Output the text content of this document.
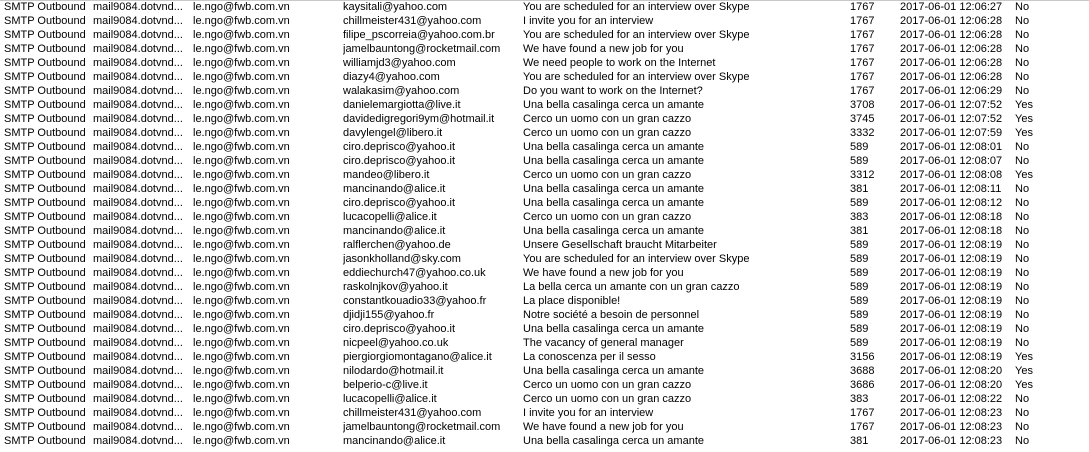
SMTP Outbound mail9084.dotvnd... le.ngo@fwb.com.vn	kaysitali@yahoo.com	You are scheduled for an interview over Skype	1767	2017-06-01 12:06:27	No
SMTP Outbound mail9084.dotvnd... le.ngo@fwb.com.vn	chillmeister431@yahoo.com	I invite you for an interview	1767	2017-06-01 12:06:28	No
SMTP Outbound mail9084.dotvnd... le.ngo@fwb.com.vn	filipe_pscorreia@yahoo.com.br	You are scheduled for an interview over Skype	1767	2017-06-01 12:06:28	No
SMTP Outbound mail9084.dotvnd... le.ngo@fwb.com.vn	jamelbauntong@rocketmail.com	We have found a new job for you	1767	2017-06-01 12:06:28	No
SMTP Outbound mail9084.dotvnd... le.ngo@fwb.com.vn	williamjd3@yahoo.com	We need people to work on the Internet	1767	2017-06-01 12:06:28	No
SMTP Outbound mail9084.dotvnd... le.ngo@fwb.com.vn	diazy4@yahoo.com	You are scheduled for an interview over Skype	1767	2017-06-01 12:06:28	No
SMTP Outbound mail9084.dotvnd... le.ngo@fwb.com.vn	walakasim@yahoo.com	Do you want to work on the Internet?	1767	2017-06-01 12:06:29	No
SMTP Outbound mail9084.dotvnd... le.ngo@fwb.com.vn	danielemargiotta@live.it	Una bella casalinga cerca un amante	3708	2017-06-01 12:07:52	Yes
SMTP Outbound mail9084.dotvnd... le.ngo@fwb.com.vn	davidedigregori9ym@hotmail.it	Cerco un uomo con un gran cazzo	3745	2017-06-01 12:07:52	Yes
SMTP Outbound mail9084.dotvnd... le.ngo@fwb.com.vn	davylengel@libero.it	Cerco un uomo con un gran cazzo	3332	2017-06-01 12:07:59	Yes
SMTP Outbound mail9084.dotvnd... le.ngo@fwb.com.vn	ciro.deprisco@yahoo.it	Una bella casalinga cerca un amante	589	2017-06-01 12:08:01	No
SMTP Outbound mail9084.dotvnd... le.ngo@fwb.com.vn	ciro.deprisco@yahoo.it	Una bella casalinga cerca un amante	589	2017-06-01 12:08:07	No
SMTP Outbound mail9084.dotvnd... le.ngo@fwb.com.vn	mandeo@libero.it	Cerco un uomo con un gran cazzo	3312	2017-06-01 12:08:08	Yes
SMTP Outbound mail9084.dotvnd... le.ngo@fwb.com.vn	mancinando@alice.it	Una bella casalinga cerca un amante	381	2017-06-01 12:08:11	No
SMTP Outbound mail9084.dotvnd... le.ngo@fwb.com.vn	ciro.deprisco@yahoo.it	Una bella casalinga cerca un amante	589	2017-06-01 12:08:12	No
SMTP Outbound mail9084.dotvnd... le.ngo@fwb.com.vn	lucacopelli@alice.it	Cerco un uomo con un gran cazzo	383	2017-06-01 12:08:18	No
SMTP Outbound mail9084.dotvnd... le.ngo@fwb.com.vn	mancinando@alice.it	Una bella casalinga cerca un amante	381	2017-06-01 12:08:18	No
SMTP Outbound mail9084.dotvnd... le.ngo@fwb.com.vn	ralflerchen@yahoo.de	Unsere Gesellschaft braucht Mitarbeiter	589	2017-06-01 12:08:19	No
SMTP Outbound mail9084.dotvnd... le.ngo@fwb.com.vn	jasonkholland@sky.com	You are scheduled for an interview over Skype	589	2017-06-01 12:08:19	No
SMTP Outbound mail9084.dotvnd... le.ngo@fwb.com.vn	eddiechurch47@yahoo.co.uk	We have found a new job for you	589	2017-06-01 12:08:19	No
SMTP Outbound mail9084.dotvnd... le.ngo@fwb.com.vn	raskolnjkov@yahoo.it	La bella cerca un amante con un gran cazzo	589	2017-06-01 12:08:19	No
SMTP Outbound mail9084.dotvnd... le.ngo@fwb.com.vn	constantkouadio33@yahoo.fr	La place disponible!	589	2017-06-01 12:08:19	No
SMTP Outbound mail9084.dotvnd... le.ngo@fwb.com.vn	djidji155@yahoo.fr	Notre société a besoin de personnel	589	2017-06-01 12:08:19	No
SMTP Outbound mail9084.dotvnd... le.ngo@fwb.com.vn	ciro.deprisco@yahoo.it	Una bella casalinga cerca un amante	589	2017-06-01 12:08:19	No
SMTP Outbound mail9084.dotvnd... le.ngo@fwb.com.vn	nicpeel@yahoo.co.uk	The vacancy of general manager	589	2017-06-01 12:08:19	No
SMTP Outbound mail9084.dotvnd... le.ngo@fwb.com.vn	piergiorgiomontagano@alice.it	La conoscenza per il sesso	3156	2017-06-01 12:08:19	Yes
SMTP Outbound mail9084.dotvnd... le.ngo@fwb.com.vn	nilodardo@hotmail.it	Una bella casalinga cerca un amante	3688	2017-06-01 12:08:20	Yes
SMTP Outbound mail9084.dotvnd... le.ngo@fwb.com.vn	belperio-c@live.it	Cerco un uomo con un gran cazzo	3686	2017-06-01 12:08:20	Yes
SMTP Outbound mail9084.dotvnd... le.ngo@fwb.com.vn	lucacopelli@alice.it	Cerco un uomo con un gran cazzo	383	2017-06-01 12:08:22	No
SMTP Outbound mail9084.dotvnd... le.ngo@fwb.com.vn	chillmeister431@yahoo.com	I invite you for an interview	1767	2017-06-01 12:08:23	No
SMTP Outbound mail9084.dotvnd... le.ngo@fwb.com.vn	jamelbauntong@rocketmail.com	We have found a new job for you	1767	2017-06-01 12:08:23	No
SMTP Outbound mail9084.dotvnd... le.ngo@fwb.com.vn	mancinando@alice.it	Una bella casalinga cerca un amante	381	2017-06-01 12:08:23	No
